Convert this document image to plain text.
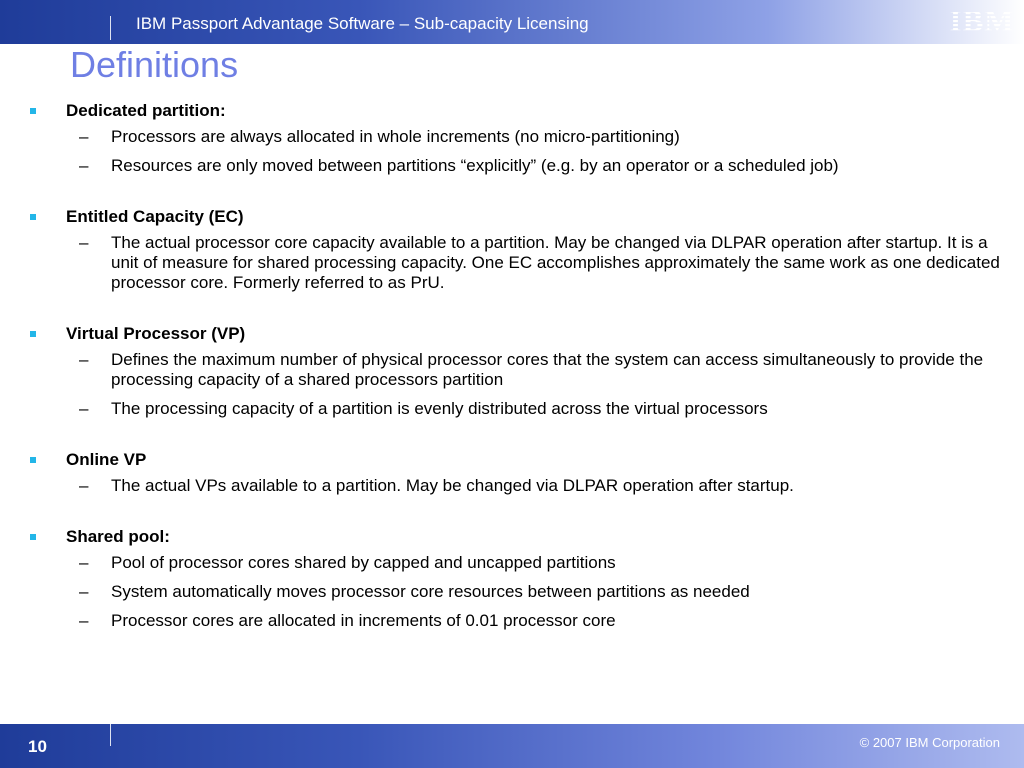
IBM Passport Advantage Software – Sub-capacity Licensing	IBM
Definitions
Dedicated partition:
– Processors are always allocated in whole increments (no micro-partitioning)
– Resources are only moved between partitions “explicitly” (e.g. by an operator or a scheduled job)
Entitled Capacity (EC)
– The actual processor core capacity available to a partition. May be changed via DLPAR operation after startup. It is a unit of measure for shared processing capacity. One EC accomplishes approximately the same work as one dedicated processor core. Formerly referred to as PrU.
Virtual Processor (VP)
– Defines the maximum number of physical processor cores that the system can access simultaneously to provide the processing capacity of a shared processors partition
– The processing capacity of a partition is evenly distributed across the virtual processors
Online VP
– The actual VPs available to a partition. May be changed via DLPAR operation after startup.
Shared pool:
– Pool of processor cores shared by capped and uncapped partitions
– System automatically moves processor core resources between partitions as needed
– Processor cores are allocated in increments of 0.01 processor core
10	© 2007 IBM Corporation
